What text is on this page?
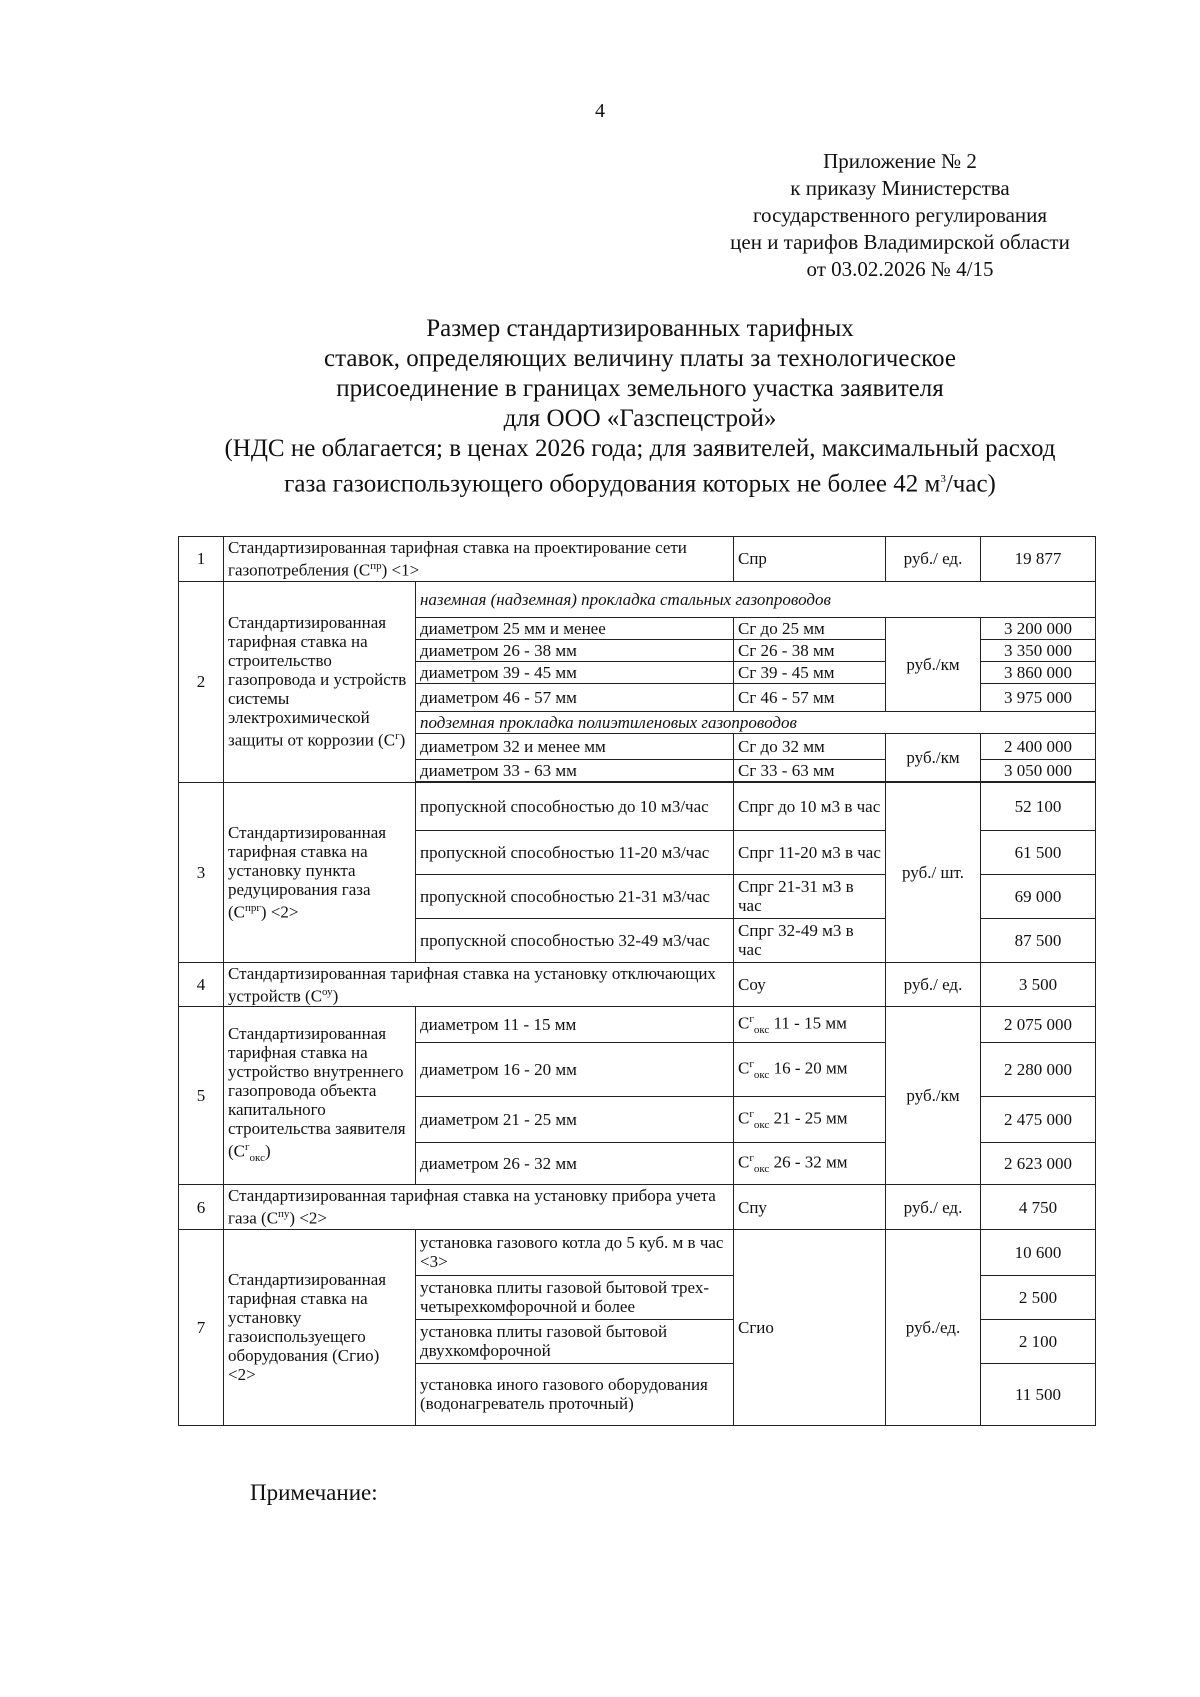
4
Приложение № 2
к приказу Министерства
государственного регулирования
цен и тарифов Владимирской области
от 03.02.2026 № 4/15
Размер стандартизированных тарифных
ставок, определяющих величину платы за технологическое
присоединение в границах земельного участка заявителя
для ООО «Газспецстрой»
(НДС не облагается; в ценах 2026 года; для заявителей, максимальный расход
газа газоиспользующего оборудования которых не более 42 $м^3/час$)
1	Стандартизированная тарифная ставка на проектирование сети газопотребления $(С^{пр}) <1>$		Спр	руб./ ед.	19 877
2	Стандартизированная тарифная ставка на строительство газопровода и устройств системы электрохимической защиты от коррозии $(С^г)$	наземная (надземная) прокладка стальных газопроводов			
		диаметром 25 мм и менее	Сг до 25 мм	руб./км	3 200 000
		диаметром 26 - 38 мм	Сг 26 - 38 мм		3 350 000
		диаметром 39 - 45 мм	Сг 39 - 45 мм		3 860 000
		диаметром 46 - 57 мм	Сг 46 - 57 мм		3 975 000
		подземная прокладка полиэтиленовых газопроводов			
		диаметром 32 и менее мм	Сг до 32 мм	руб./км	2 400 000
		диаметром 33 - 63 мм	Сг 33 - 63 мм		3 050 000

3	Стандартизированная тарифная ставка на установку пункта редуцирования газа $(С^{прг}) <2>$	пропускной способностью до 10 м3/час	Спрг до 10 м3 в час	руб./ шт.	52 100
		пропускной способностью 11-20 м3/час	Спрг 11-20 м3 в час		61 500
		пропускной способностью 21-31 м3/час	Спрг 21-31 м3 в час		69 000
		пропускной способностью 32-49 м3/час	Спрг 32-49 м3 в час		87 500
4	Стандартизированная тарифная ставка на установку отключающих устройств $(С^{оу})$		Соу	руб./ ед.	3 500
5	Стандартизированная тарифная ставка на устройство внутреннего газопровода объекта капитального строительства заявителя $(С^г_{окс})$	диаметром 11 - 15 мм	$С^г_{окс}$ 11 - 15 мм	руб./км	2 075 000
		диаметром 16 - 20 мм	$С^г_{окс}$ 16 - 20 мм		2 280 000
		диаметром 21 - 25 мм	$С^г_{окс}$ 21 - 25 мм		2 475 000
		диаметром 26 - 32 мм	$С^г_{окс}$ 26 - 32 мм		2 623 000
6	Стандартизированная тарифная ставка на установку прибора учета газа $(С^{пу}) <2>$		Спу	руб./ ед.	4 750
7	Стандартизированная тарифная ставка на установку газоиспользуещего оборудования (Сгио) <2>	установка газового котла до 5 куб. м в час <3>	Сгио	руб./ед.	10 600
		установка плиты газовой бытовой трех-четырехкомфорочной и более			2 500
		установка плиты газовой бытовой двухкомфорочной			2 100
		установка иного газового оборудования (водонагреватель проточный)			11 500
Примечание:
